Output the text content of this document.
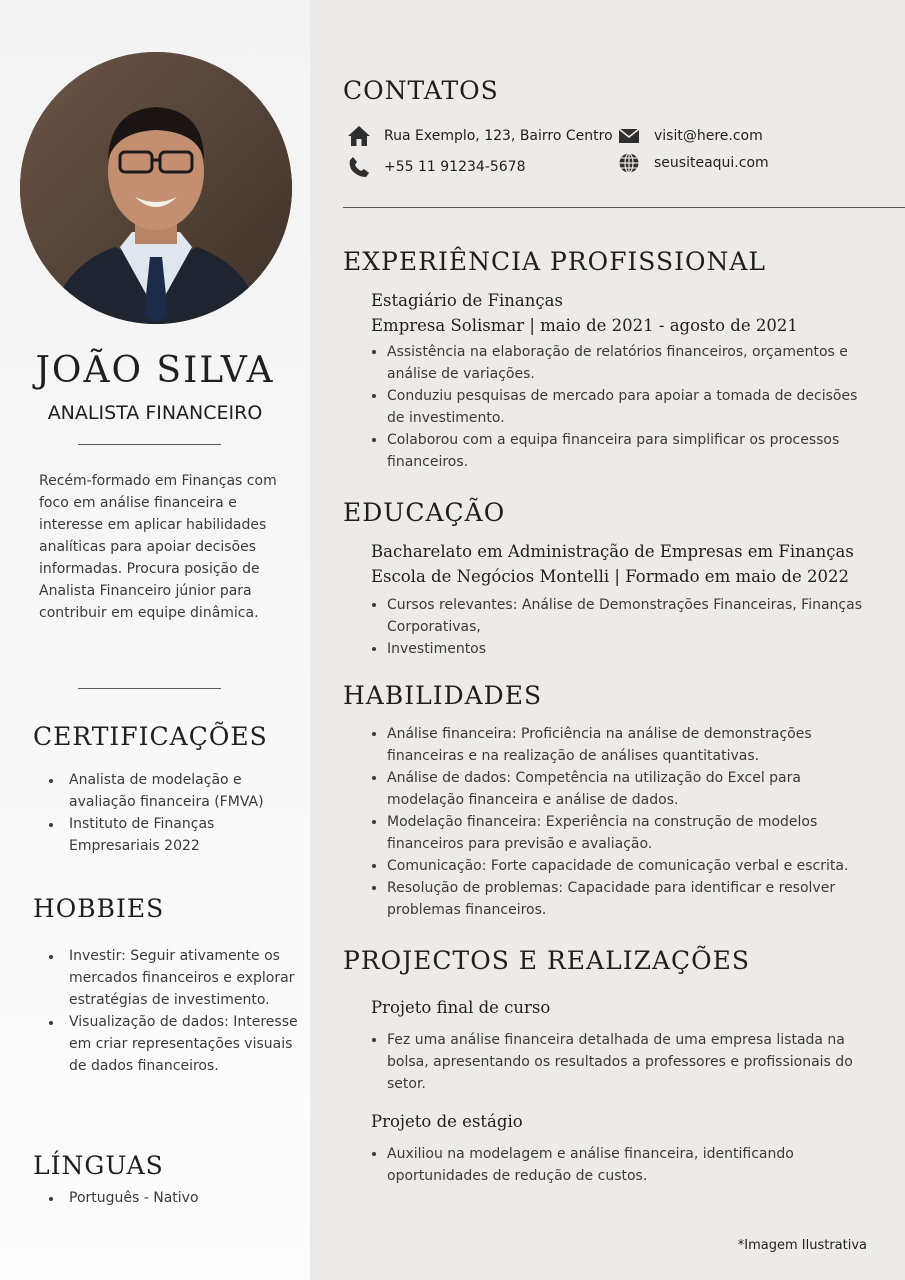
JOÃO SILVA
ANALISTA FINANCEIRO
Recém-formado em Finanças com foco em análise financeira e interesse em aplicar habilidades analíticas para apoiar decisões informadas. Procura posição de Analista Financeiro júnior para contribuir em equipe dinâmica.
CERTIFICAÇÕES
• Analista de modelação e avaliação financeira (FMVA)
• Instituto de Finanças Empresariais 2022
HOBBIES
• Investir: Seguir ativamente os mercados financeiros e explorar estratégias de investimento.
• Visualização de dados: Interesse em criar representações visuais de dados financeiros.
LÍNGUAS
• Português - Nativo
CONTATOS
Rua Exemplo, 123, Bairro Centro
+55 11 91234-5678
visit@here.com
seusiteaqui.com
EXPERIÊNCIA PROFISSIONAL
Estagiário de Finanças
Empresa Solismar | maio de 2021 - agosto de 2021
• Assistência na elaboração de relatórios financeiros, orçamentos e análise de variações.
• Conduziu pesquisas de mercado para apoiar a tomada de decisões de investimento.
• Colaborou com a equipa financeira para simplificar os processos financeiros.
EDUCAÇÃO
Bacharelato em Administração de Empresas em Finanças
Escola de Negócios Montelli | Formado em maio de 2022
• Cursos relevantes: Análise de Demonstrações Financeiras, Finanças Corporativas,
• Investimentos
HABILIDADES
• Análise financeira: Proficiência na análise de demonstrações financeiras e na realização de análises quantitativas.
• Análise de dados: Competência na utilização do Excel para modelação financeira e análise de dados.
• Modelação financeira: Experiência na construção de modelos financeiros para previsão e avaliação.
• Comunicação: Forte capacidade de comunicação verbal e escrita.
• Resolução de problemas: Capacidade para identificar e resolver problemas financeiros.
PROJECTOS E REALIZAÇÕES
Projeto final de curso
• Fez uma análise financeira detalhada de uma empresa listada na bolsa, apresentando os resultados a professores e profissionais do setor.
Projeto de estágio
• Auxiliou na modelagem e análise financeira, identificando oportunidades de redução de custos.
*Imagem Ilustrativa
